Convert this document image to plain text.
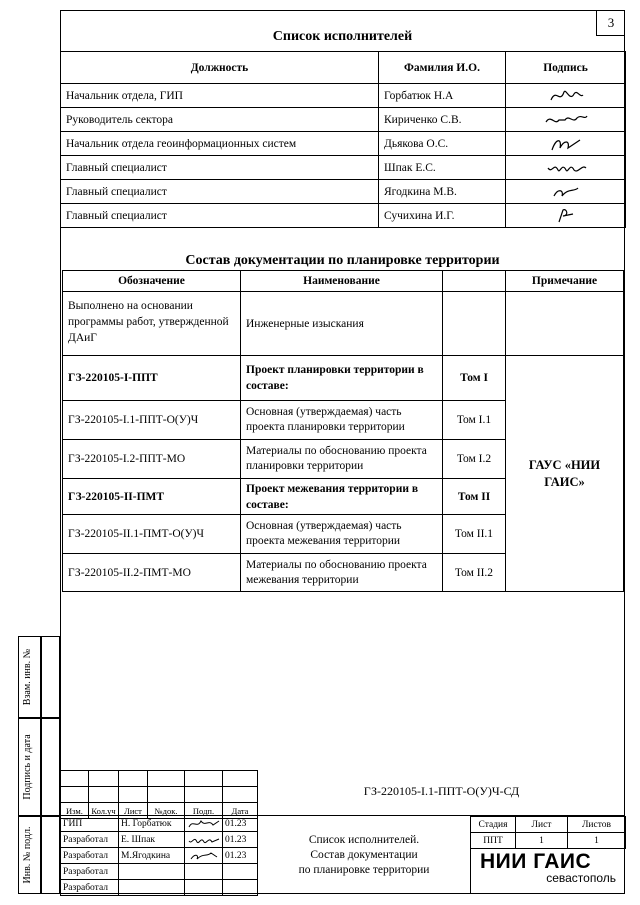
3
Список исполнителей
Должность	Фамилия И.О.	Подпись
Начальник отдела, ГИП	Горбатюк Н.А	

Руководитель сектора	Кириченко С.В.	

Начальник отдела геоинформационных систем	Дьякова О.С.	

Главный специалист	Шпак Е.С.	

Главный специалист	Ягодкина М.В.	

Главный специалист	Сучихина И.Г.	
Состав документации по планировке территории
Обозначение	Наименование		Примечание
Выполнено на основании программы работ, утвержденной ДАиГ	Инженерные изыскания		
ГЗ-220105-I-ППТ	Проект планировки территории в составе:	Том I	ГАУС «НИИ ГАИС»
ГЗ-220105-I.1-ППТ-О(У)Ч	Основная (утверждаемая) часть проекта планировки территории	Том I.1	
ГЗ-220105-I.2-ППТ-МО	Материалы по обоснованию проекта планировки территории	Том I.2	
ГЗ-220105-II-ПМТ	Проект межевания территории в составе:	Том II	
ГЗ-220105-II.1-ПМТ-О(У)Ч	Основная (утверждаемая) часть проекта межевания территории	Том II.1	
ГЗ-220105-II.2-ПМТ-МО	Материалы по обоснованию проекта межевания территории	Том II.2	
Взам. инв. №
Подпись и дата
Инв. № подл.

Изм.	Кол.уч	Лист	№док.	Подп.	Дата
ГИП	Н. Горбатюк		01.23
Разработал	Е. Шпак		01.23
Разработал	М.Ягодкина		01.23
Разработал			
Разработал			
ГЗ-220105-I.1-ППТ-О(У)Ч-СД
Список исполнителей.
Состав документации
по планировке территории
Стадия	Лист	Листов
ППТ	1	1
НИИ ГАИС
севастополь
